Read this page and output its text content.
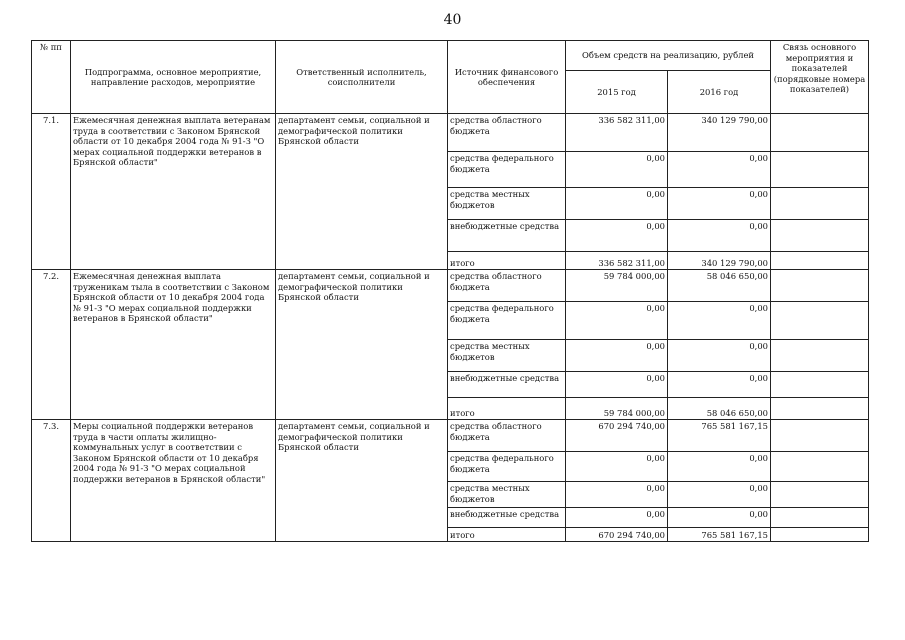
40
№ пп	Подпрограмма, основное мероприятие, направление расходов, мероприятие	Ответственный исполнитель, соисполнители	Источник финансового обеспечения	Объем средств на реализацию, рублей		Связь основного мероприятия и показателей (порядковые номера показателей)
				2015 год	2016 год	
7.1.	Ежемесячная денежная выплата ветеранам труда в соответствии с Законом Брянской области от 10 декабря 2004 года № 91-З "О мерах социальной поддержки ветеранов в Брянской области"	департамент семьи, социальной и демографической политики Брянской области	средства областного бюджета	336 582 311,00	340 129 790,00	
			средства федерального бюджета	0,00	0,00	
			средства местных бюджетов	0,00	0,00	
			внебюджетные средства	0,00	0,00	
			итого	336 582 311,00	340 129 790,00	
7.2.	Ежемесячная денежная выплата труженикам тыла в соответствии с Законом Брянской области от 10 декабря 2004 года № 91-З "О мерах социальной поддержки ветеранов в Брянской области"	департамент семьи, социальной и демографической политики Брянской области	средства областного бюджета	59 784 000,00	58 046 650,00	
			средства федерального бюджета	0,00	0,00	
			средства местных бюджетов	0,00	0,00	
			внебюджетные средства	0,00	0,00	
			итого	59 784 000,00	58 046 650,00	
7.3.	Меры социальной поддержки ветеранов труда в части оплаты жилищно-коммунальных услуг в соответствии с Законом Брянской области от 10 декабря 2004 года № 91-З "О мерах социальной поддержки ветеранов в Брянской области"	департамент семьи, социальной и демографической политики Брянской области	средства областного бюджета	670 294 740,00	765 581 167,15	
			средства федерального бюджета	0,00	0,00	
			средства местных бюджетов	0,00	0,00	
			внебюджетные средства	0,00	0,00	
			итого	670 294 740,00	765 581 167,15	
